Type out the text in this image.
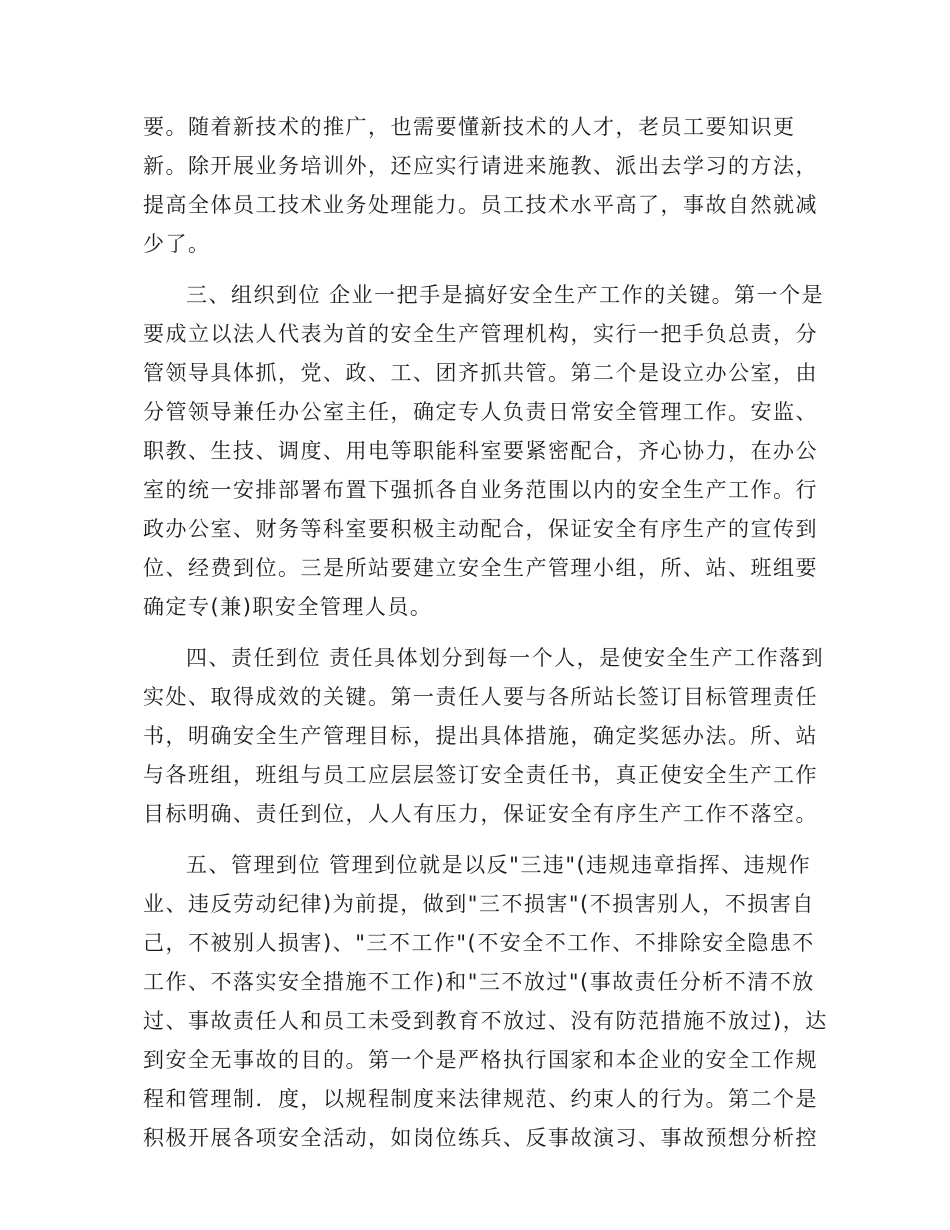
要。随着新技术的推广，也需要懂新技术的人才，老员工要知识更
新。除开展业务培训外，还应实行请进来施教、派出去学习的方法，
提高全体员工技术业务处理能力。员工技术水平高了，事故自然就减
少了。
三、组织到位 企业一把手是搞好安全生产工作的关键。第一个是
要成立以法人代表为首的安全生产管理机构，实行一把手负总责，分
管领导具体抓，党、政、工、团齐抓共管。第二个是设立办公室，由
分管领导兼任办公室主任，确定专人负责日常安全管理工作。安监、
职教、生技、调度、用电等职能科室要紧密配合，齐心协力，在办公
室的统一安排部署布置下强抓各自业务范围以内的安全生产工作。行
政办公室、财务等科室要积极主动配合，保证安全有序生产的宣传到
位、经费到位。三是所站要建立安全生产管理小组，所、站、班组要
确定专(兼)职安全管理人员。
四、责任到位 责任具体划分到每一个人，是使安全生产工作落到
实处、取得成效的关键。第一责任人要与各所站长签订目标管理责任
书，明确安全生产管理目标，提出具体措施，确定奖惩办法。所、站
与各班组，班组与员工应层层签订安全责任书，真正使安全生产工作
目标明确、责任到位，人人有压力，保证安全有序生产工作不落空。
五、管理到位 管理到位就是以反"三违"(违规违章指挥、违规作
业、违反劳动纪律)为前提，做到"三不损害"(不损害别人，不损害自
己，不被别人损害)、"三不工作"(不安全不工作、不排除安全隐患不
工作、不落实安全措施不工作)和"三不放过"(事故责任分析不清不放
过、事故责任人和员工未受到教育不放过、没有防范措施不放过)，达
到安全无事故的目的。第一个是严格执行国家和本企业的安全工作规
程和管理制．度，以规程制度来法律规范、约束人的行为。第二个是
积极开展各项安全活动，如岗位练兵、反事故演习、事故预想分析控
